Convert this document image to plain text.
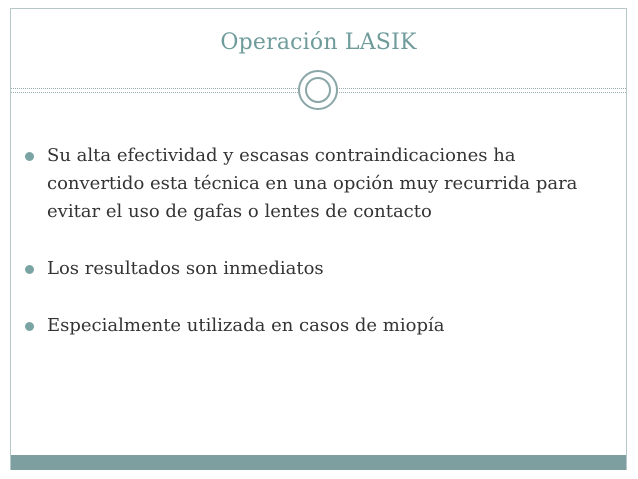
Operación LASIK
Su alta efectividad y escasas contraindicaciones ha convertido esta técnica en una opción muy recurrida para evitar el uso de gafas o lentes de contacto
Los resultados son inmediatos
Especialmente utilizada en casos de miopía
